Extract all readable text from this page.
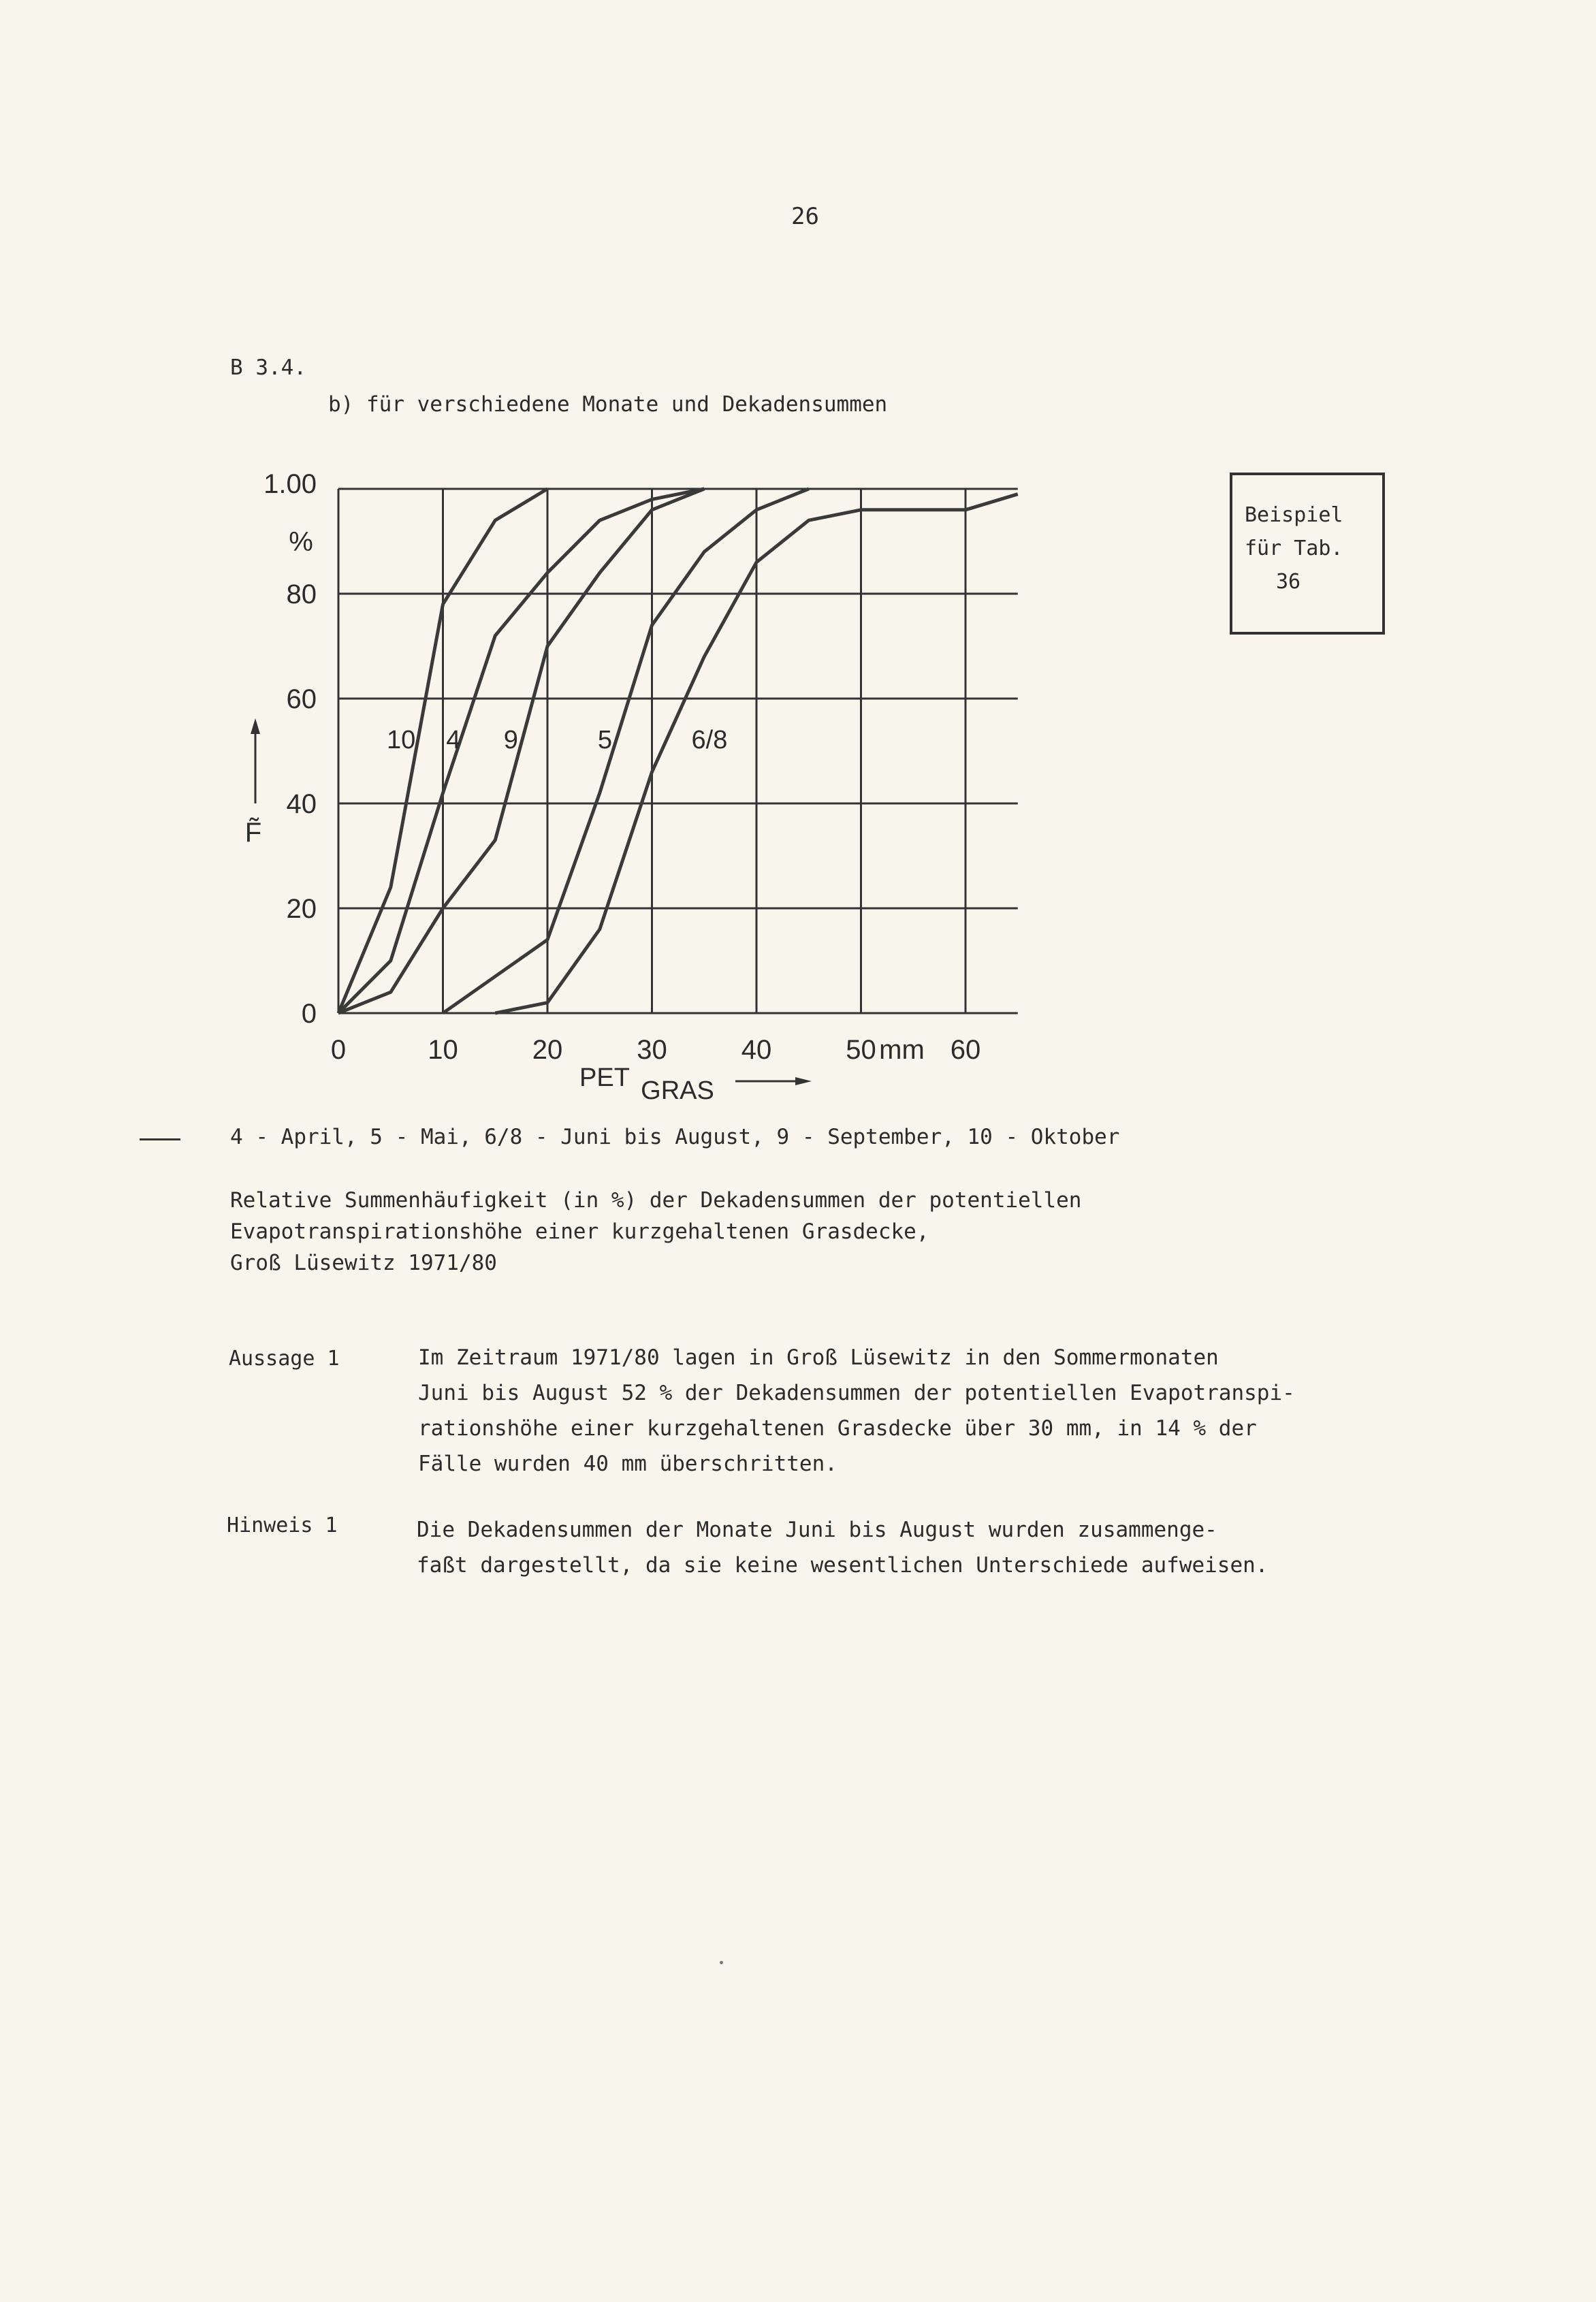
26
B 3.4.
b) für verschiedene Monate und Dekadensummen
Beispiel
für Tab.
36
0	10	20	30	40	50	60
mm
0
20
40
60
80
1.00
%
F̃
PET GRAS
10 4 9	5	6/8
4 - April, 5 - Mai, 6/8 - Juni bis August, 9 - September, 10 - Oktober
Relative Summenhäufigkeit (in %) der Dekadensummen der potentiellen
Evapotranspirationshöhe einer kurzgehaltenen Grasdecke,
Groß Lüsewitz 1971/80
Aussage 1	Im Zeitraum 1971/80 lagen in Groß Lüsewitz in den Sommermonaten
Juni bis August 52 % der Dekadensummen der potentiellen Evapotranspi-
rationshöhe einer kurzgehaltenen Grasdecke über 30 mm, in 14 % der
Fälle wurden 40 mm überschritten.
Hinweis 1	Die Dekadensummen der Monate Juni bis August wurden zusammenge-
faßt dargestellt, da sie keine wesentlichen Unterschiede aufweisen.
